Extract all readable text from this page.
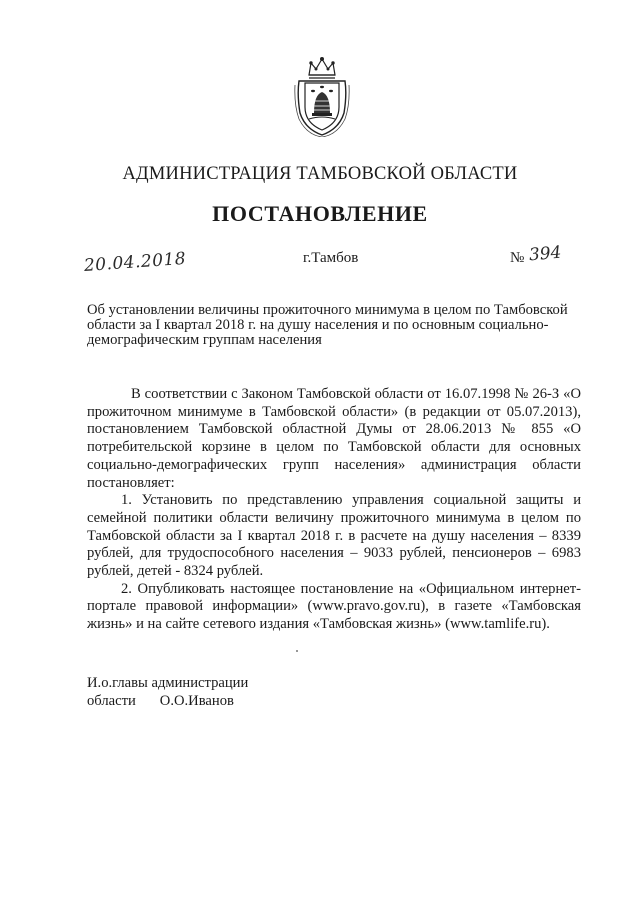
АДМИНИСТРАЦИЯ ТАМБОВСКОЙ ОБЛАСТИ
ПОСТАНОВЛЕНИЕ
20.04.2018	г.Тамбов	№ 394
Об установлении величины прожиточного минимума в целом по Тамбовской области за I квартал 2018 г. на душу населения и по основным социально-демографическим группам населения

В соответствии с Законом Тамбовской области от 16.07.1998 № 26-З «О прожиточном минимуме в Тамбовской области» (в редакции от 05.07.2013), постановлением Тамбовской областной Думы от 28.06.2013 № 855 «О потребительской корзине в целом по Тамбовской области для основных социально-демографических групп населения» администрация области постановляет:

1. Установить по представлению управления социальной защиты и семейной политики области величину прожиточного минимума в целом по Тамбовской области за I квартал 2018 г. в расчете на душу населения – 8339 рублей, для трудоспособного населения – 9033 рублей, пенсионеров – 6983 рублей, детей - 8324 рублей.

2. Опубликовать настоящее постановление на «Официальном интернет-портале правовой информации» (www.pravo.gov.ru), в газете «Тамбовская жизнь» и на сайте сетевого издания «Тамбовская жизнь» (www.tamlife.ru).

И.о.главы администрации
области О.О.Иванов
